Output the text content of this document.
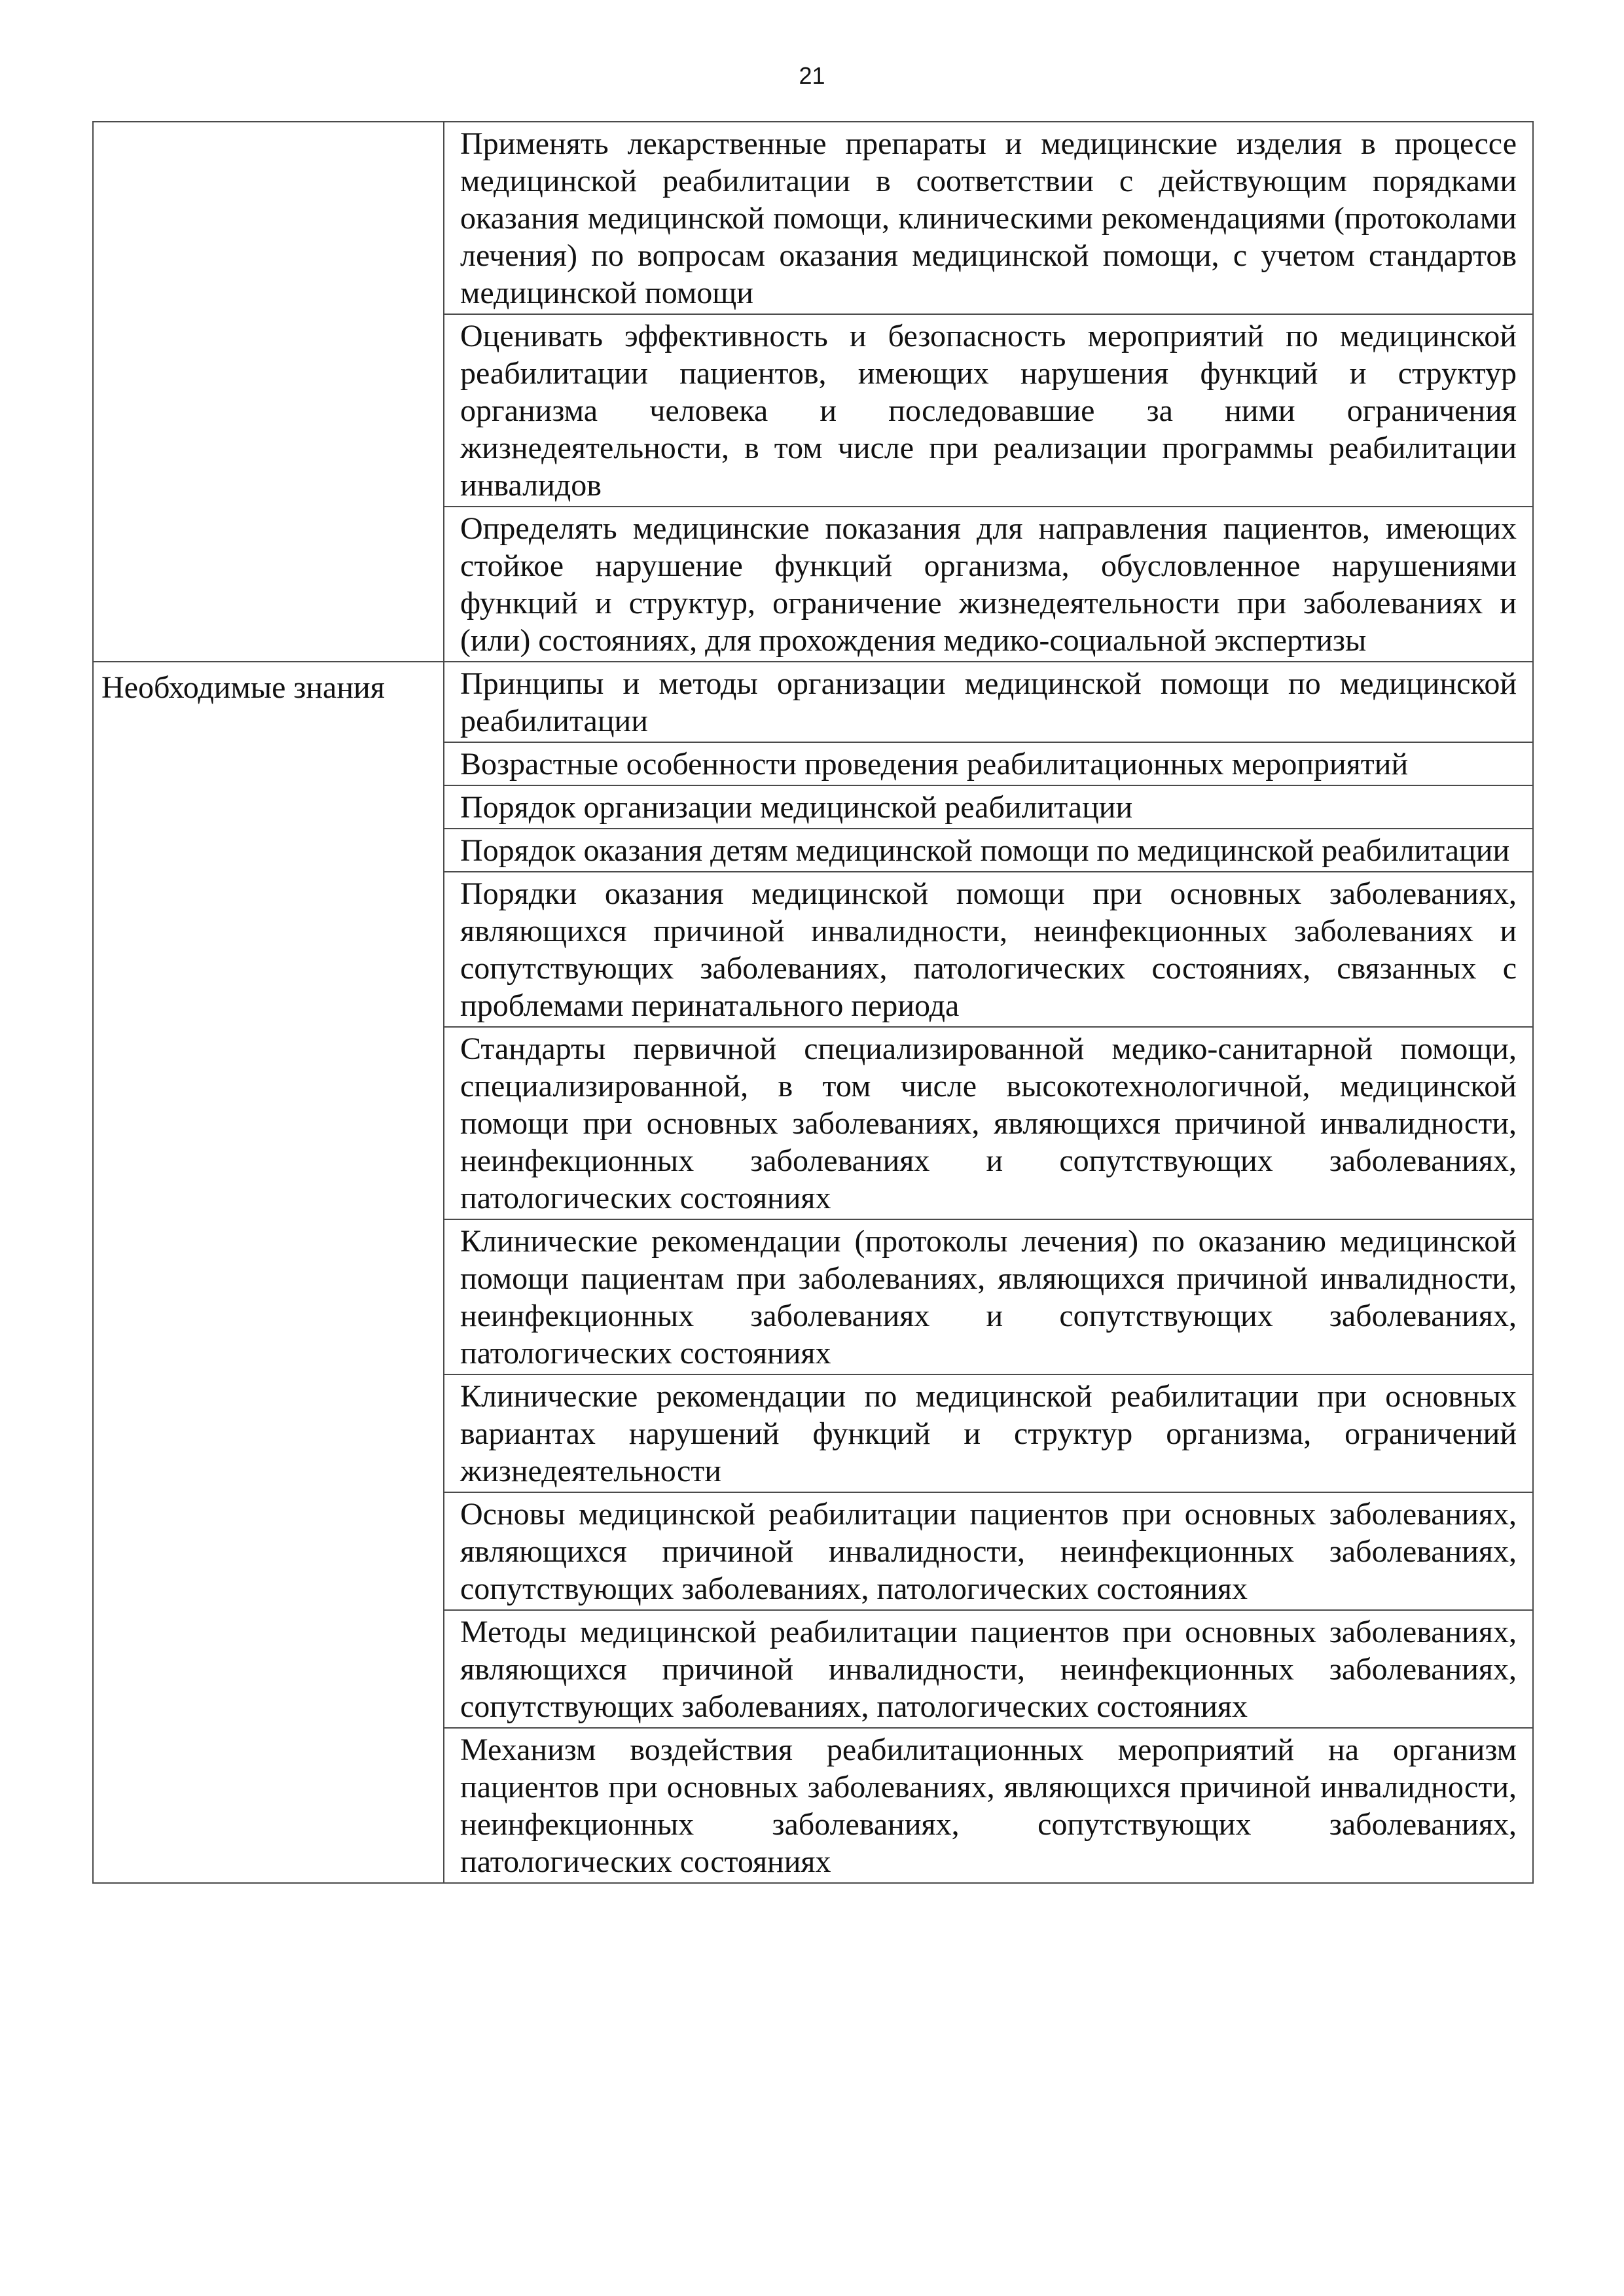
21
	Применять лекарственные препараты и медицинские изделия в процессе медицинской реабилитации в соответствии с действующим порядками оказания медицинской помощи, клиническими рекомендациями (протоколами лечения) по вопросам оказания медицинской помощи, с учетом стандартов медицинской помощи
	Оценивать эффективность и безопасность мероприятий по медицинской реабилитации пациентов, имеющих нарушения функций и структур организма человека и последовавшие за ними ограничения жизнедеятельности, в том числе при реализации программы реабилитации инвалидов
	Определять медицинские показания для направления пациентов, имеющих стойкое нарушение функций организма, обусловленное нарушениями функций и структур, ограничение жизнедеятельности при заболеваниях и (или) состояниях, для прохождения медико-социальной экспертизы
Необходимые знания	Принципы и методы организации медицинской помощи по медицинской реабилитации
	Возрастные особенности проведения реабилитационных мероприятий
	Порядок организации медицинской реабилитации
	Порядок оказания детям медицинской помощи по медицинской реабилитации
	Порядки оказания медицинской помощи при основных заболеваниях, являющихся причиной инвалидности, неинфекционных заболеваниях и сопутствующих заболеваниях, патологических состояниях, связанных с проблемами перинатального периода
	Стандарты первичной специализированной медико-санитарной помощи, специализированной, в том числе высокотехнологичной, медицинской помощи при основных заболеваниях, являющихся причиной инвалидности, неинфекционных заболеваниях и сопутствующих заболеваниях, патологических состояниях
	Клинические рекомендации (протоколы лечения) по оказанию медицинской помощи пациентам при заболеваниях, являющихся причиной инвалидности, неинфекционных заболеваниях и сопутствующих заболеваниях, патологических состояниях
	Клинические рекомендации по медицинской реабилитации при основных вариантах нарушений функций и структур организма, ограничений жизнедеятельности
	Основы медицинской реабилитации пациентов при основных заболеваниях, являющихся причиной инвалидности, неинфекционных заболеваниях, сопутствующих заболеваниях, патологических состояниях
	Методы медицинской реабилитации пациентов при основных заболеваниях, являющихся причиной инвалидности, неинфекционных заболеваниях, сопутствующих заболеваниях, патологических состояниях
	Механизм воздействия реабилитационных мероприятий на организм пациентов при основных заболеваниях, являющихся причиной инвалидности, неинфекционных заболеваниях, сопутствующих заболеваниях, патологических состояниях
